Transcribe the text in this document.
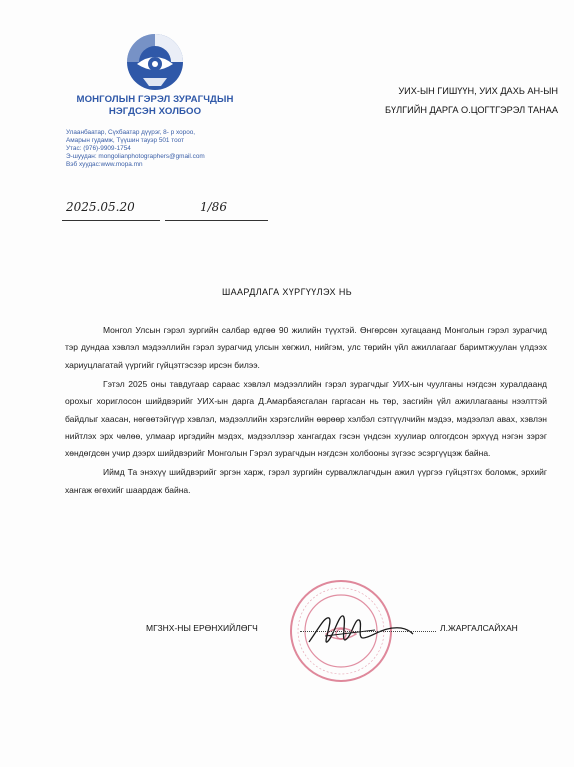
МОНГОЛЫН ГЭРЭЛ ЗУРАГЧДЫН
НЭГДСЭН ХОЛБОО
Улаанбаатар, Сүхбаатар дүүрэг, 8- р хороо,
Амарын гудамж, Түүшин тауэр 501 тоот
Утас: (976)-9909-1754
Э-шуудан: mongolianphotographers@gmail.com
Вэб хуудас:www.mopa.mn
УИХ-ЫН ГИШҮҮН, УИХ ДАХЬ АН-ЫН
БҮЛГИЙН ДАРГА О.ЦОГТГЭРЭЛ ТАНАА
2025.05.20	1/86
ШААРДЛАГА ХҮРГҮҮЛЭХ НЬ

Монгол Улсын гэрэл зургийн салбар өдгөө 90 жилийн түүхтэй. Өнгөрсөн хугацаанд Монголын гэрэл зурагчид тэр дундаа хэвлэл мэдээллийн гэрэл зурагчид улсын хөгжил, нийгэм, улс төрийн үйл ажиллагааг баримтжуулан үлдээх хариуцлагатай үүргийг гүйцэтгэсээр ирсэн билээ.

Гэтэл 2025 оны тавдугаар сараас хэвлэл мэдээллийн гэрэл зурагчдыг УИХ-ын чуулганы нэгдсэн хуралдаанд орохыг хориглосон шийдвэрийг УИХ-ын дарга Д.Амарбаясгалан гаргасан нь төр, засгийн үйл ажиллагааны нээлттэй байдлыг хаасан, нөгөөтэйгүүр хэвлэл, мэдээллийн хэрэгслийн өөрөөр хэлбэл сэтгүүлчийн мэдээ, мэдээлэл авах, хэвлэн нийтлэх эрх чөлөө, улмаар иргэдийн мэдэх, мэдээллээр хангагдах гэсэн үндсэн хуулиар олгогдсон эрхүүд нэгэн зэрэг хөндөгдсөн учир дээрх шийдвэрийг Монголын Гэрэл зурагчдын нэгдсэн холбооны зүгээс эсэргүүцэж байна.

Иймд Та энэхүү шийдвэрийг эргэн харж, гэрэл зургийн сурвалжлагчдын ажил үүргээ гүйцэтгэх боломж, эрхийг хангаж өгөхийг шаардаж байна.

МГЗНХ-НЫ ЕРӨНХИЙЛӨГЧ	Л.ЖАРГАЛСАЙХАН
